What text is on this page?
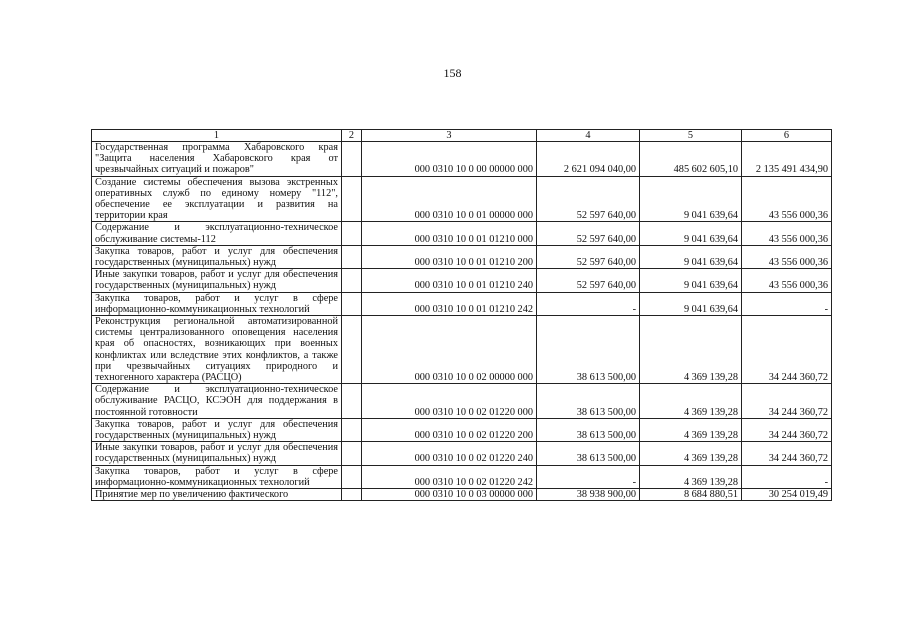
158
1	2	3	4	5	6
Государственная программа Хабаровского края "Защита населения Хабаровского края от чрезвычайных ситуаций и пожаров"		000 0310 10 0 00 00000 000	2 621 094 040,00	485 602 605,10	2 135 491 434,90
Создание системы обеспечения вызова экстренных оперативных служб по единому номеру "112", обеспечение ее эксплуатации и развития на территории края		000 0310 10 0 01 00000 000	52 597 640,00	9 041 639,64	43 556 000,36
Содержание и эксплуатационно-техническое обслуживание системы-112		000 0310 10 0 01 01210 000	52 597 640,00	9 041 639,64	43 556 000,36
Закупка товаров, работ и услуг для обеспечения государственных (муниципальных) нужд		000 0310 10 0 01 01210 200	52 597 640,00	9 041 639,64	43 556 000,36
Иные закупки товаров, работ и услуг для обеспечения государственных (муниципальных) нужд		000 0310 10 0 01 01210 240	52 597 640,00	9 041 639,64	43 556 000,36
Закупка товаров, работ и услуг в сфере информационно-коммуникационных технологий		000 0310 10 0 01 01210 242	-	9 041 639,64	-
Реконструкция региональной автоматизированной системы централизованного оповещения населения края об опасностях, возникающих при военных конфликтах или вследствие этих конфликтов, а также при чрезвычайных ситуациях природного и техногенного характера (РАСЦО)		000 0310 10 0 02 00000 000	38 613 500,00	4 369 139,28	34 244 360,72
Содержание и эксплуатационно-техническое обслуживание РАСЦО, КСЭОН для поддержания в постоянной готовности		000 0310 10 0 02 01220 000	38 613 500,00	4 369 139,28	34 244 360,72
Закупка товаров, работ и услуг для обеспечения государственных (муниципальных) нужд		000 0310 10 0 02 01220 200	38 613 500,00	4 369 139,28	34 244 360,72
Иные закупки товаров, работ и услуг для обеспечения государственных (муниципальных) нужд		000 0310 10 0 02 01220 240	38 613 500,00	4 369 139,28	34 244 360,72
Закупка товаров, работ и услуг в сфере информационно-коммуникационных технологий		000 0310 10 0 02 01220 242	-	4 369 139,28	-
Принятие мер по увеличению фактического		000 0310 10 0 03 00000 000	38 938 900,00	8 684 880,51	30 254 019,49
